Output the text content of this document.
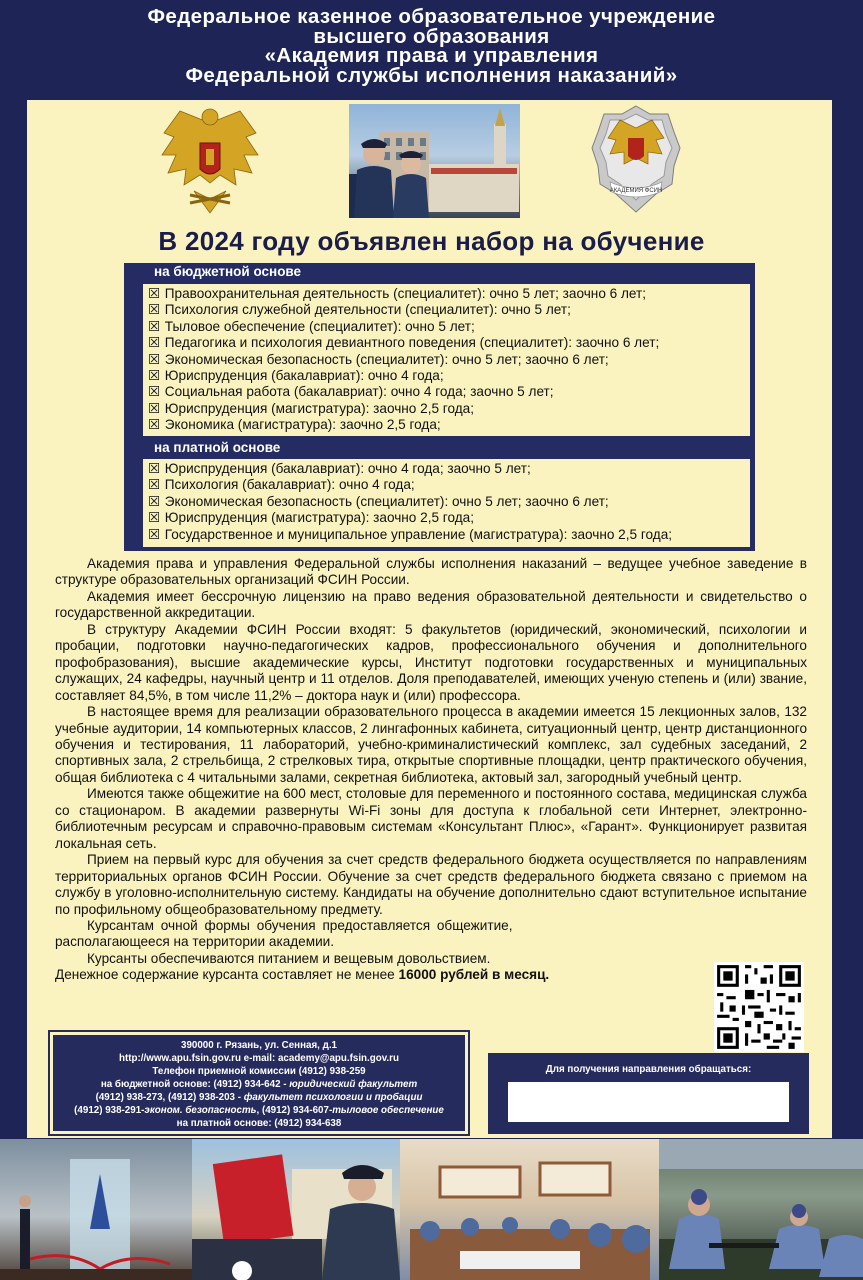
Федеральное казенное образовательное учреждение
высшего образования
«Академия права и управления
Федеральной службы исполнения наказаний»
АКАДЕМИЯ ФСИН
В 2024 году объявлен набор на обучение
на бюджетной основе
☒ Правоохранительная деятельность (специалитет): очно 5 лет; заочно 6 лет;
☒ Психология служебной деятельности (специалитет): очно 5 лет;
☒ Тыловое обеспечение (специалитет): очно 5 лет;
☒ Педагогика и психология девиантного поведения (специалитет): заочно 6 лет;
☒ Экономическая безопасность (специалитет): очно 5 лет; заочно 6 лет;
☒ Юриспруденция (бакалавриат): очно 4 года;
☒ Социальная работа (бакалавриат): очно 4 года; заочно 5 лет;
☒ Юриспруденция (магистратура): заочно 2,5 года;
☒ Экономика (магистратура): заочно 2,5 года;
на платной основе
☒ Юриспруденция (бакалавриат): очно 4 года; заочно 5 лет;
☒ Психология (бакалавриат): очно 4 года;
☒ Экономическая безопасность (специалитет): очно 5 лет; заочно 6 лет;
☒ Юриспруденция (магистратура): заочно 2,5 года;
☒ Государственное и муниципальное управление (магистратура): заочно 2,5 года;

Академия права и управления Федеральной службы исполнения наказаний – ведущее учебное заведение в структуре образовательных организаций ФСИН России.

Академия имеет бессрочную лицензию на право ведения образовательной деятельности и свидетельство о государственной аккредитации.

В структуру Академии ФСИН России входят: 5 факультетов (юридический, экономический, психологии и пробации, подготовки научно-педагогических кадров, профессионального обучения и дополнительного профобразования), высшие академические курсы, Институт подготовки государственных и муниципальных служащих, 24 кафедры, научный центр и 11 отделов. Доля преподавателей, имеющих ученую степень и (или) звание, составляет 84,5%, в том числе 11,2% – доктора наук и (или) профессора.

В настоящее время для реализации образовательного процесса в академии имеется 15 лекционных залов, 132 учебные аудитории, 14 компьютерных классов, 2 лингафонных кабинета, ситуационный центр, центр дистанционного обучения и тестирования, 11 лабораторий, учебно-криминалистический комплекс, зал судебных заседаний, 2 спортивных зала, 2 стрельбища, 2 стрелковых тира, открытые спортивные площадки, центр практического обучения, общая библиотека с 4 читальными залами, секретная библиотека, актовый зал, загородный учебный центр.

Имеются также общежитие на 600 мест, столовые для переменного и постоянного состава, медицинская служба со стационаром. В академии развернуты Wi-Fi зоны для доступа к глобальной сети Интернет, электронно-библиотечным ресурсам и справочно-правовым системам «Консультант Плюс», «Гарант». Функционирует развитая локальная сеть.

Прием на первый курс для обучения за счет средств федерального бюджета осуществляется по направлениям территориальных органов ФСИН России. Обучение за счет средств федерального бюджета связано с приемом на службу в уголовно-исполнительную систему. Кандидаты на обучение дополнительно сдают вступительное испытание по профильному общеобразовательному предмету.

Курсантам очной формы обучения предоставляется общежитие,

располагающееся на территории академии.

Курсанты обеспечиваются питанием и вещевым довольствием.

Денежное содержание курсанта составляет не менее 16000 рублей в месяц.

390000 г. Рязань, ул. Сенная, д.1
http://www.apu.fsin.gov.ru e-mail: academy@apu.fsin.gov.ru
Телефон приемной комиссии (4912) 938-259
на бюджетной основе: (4912) 934-642 - юридический факультет
(4912) 938-273, (4912) 938-203 - факультет психологии и пробации
(4912) 938-291-эконом. безопасность, (4912) 934-607-тыловое обеспечение
на платной основе: (4912) 934-638
Для получения направления обращаться:
